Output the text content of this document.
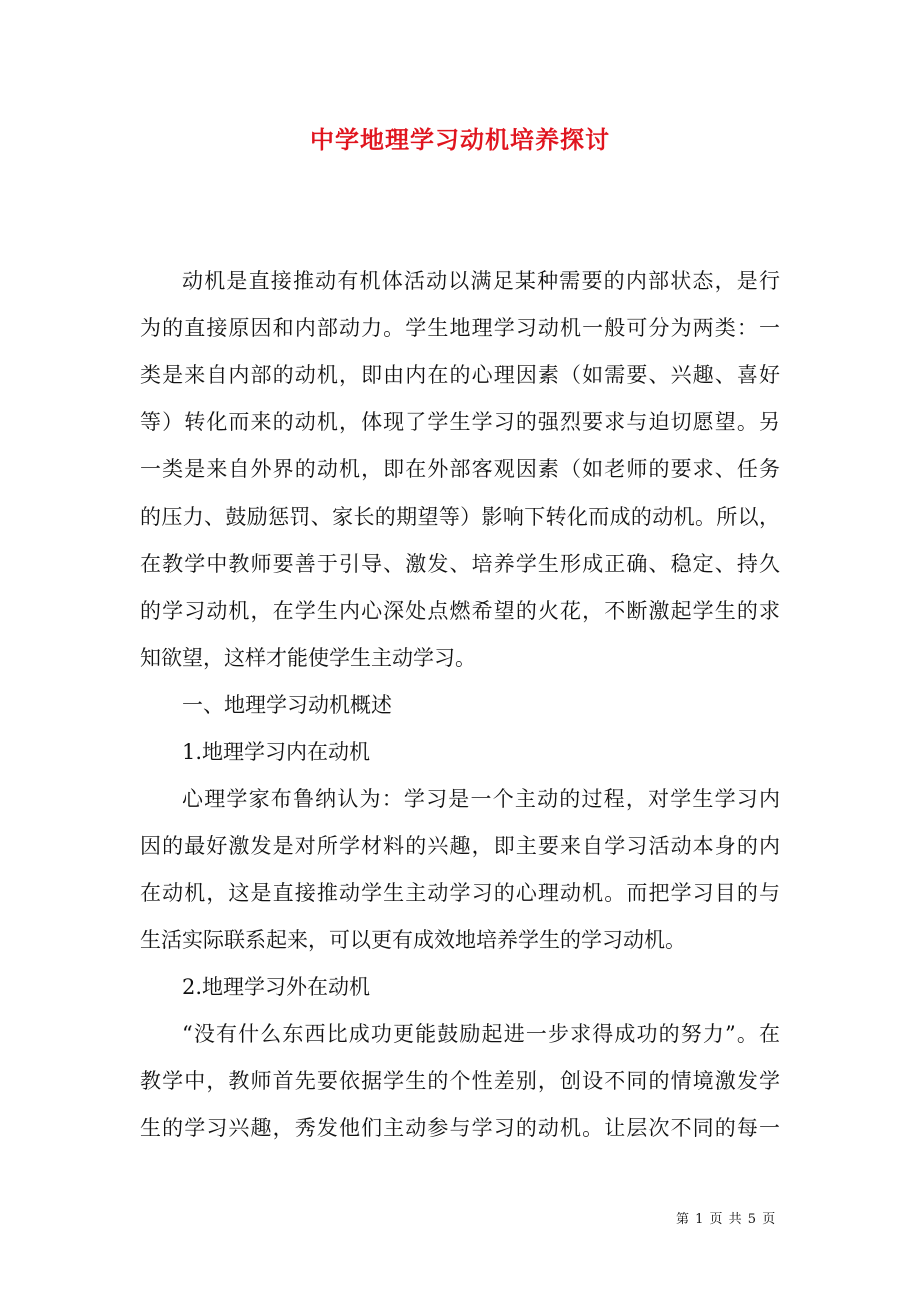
中学地理学习动机培养探讨
动机是直接推动有机体活动以满足某种需要的内部状态，是行
为的直接原因和内部动力。学生地理学习动机一般可分为两类：一
类是来自内部的动机，即由内在的心理因素（如需要、兴趣、喜好
等）转化而来的动机，体现了学生学习的强烈要求与迫切愿望。另
一类是来自外界的动机，即在外部客观因素（如老师的要求、任务
的压力、鼓励惩罚、家长的期望等）影响下转化而成的动机。所以，
在教学中教师要善于引导、激发、培养学生形成正确、稳定、持久
的学习动机，在学生内心深处点燃希望的火花，不断激起学生的求
知欲望，这样才能使学生主动学习。
一、地理学习动机概述
1.地理学习内在动机
心理学家布鲁纳认为：学习是一个主动的过程，对学生学习内
因的最好激发是对所学材料的兴趣，即主要来自学习活动本身的内
在动机，这是直接推动学生主动学习的心理动机。而把学习目的与
生活实际联系起来，可以更有成效地培养学生的学习动机。
2.地理学习外在动机
“没有什么东西比成功更能鼓励起进一步求得成功的努力”。在
教学中，教师首先要依据学生的个性差别，创设不同的情境激发学
生的学习兴趣，秀发他们主动参与学习的动机。让层次不同的每一
第 1 页 共 5 页
